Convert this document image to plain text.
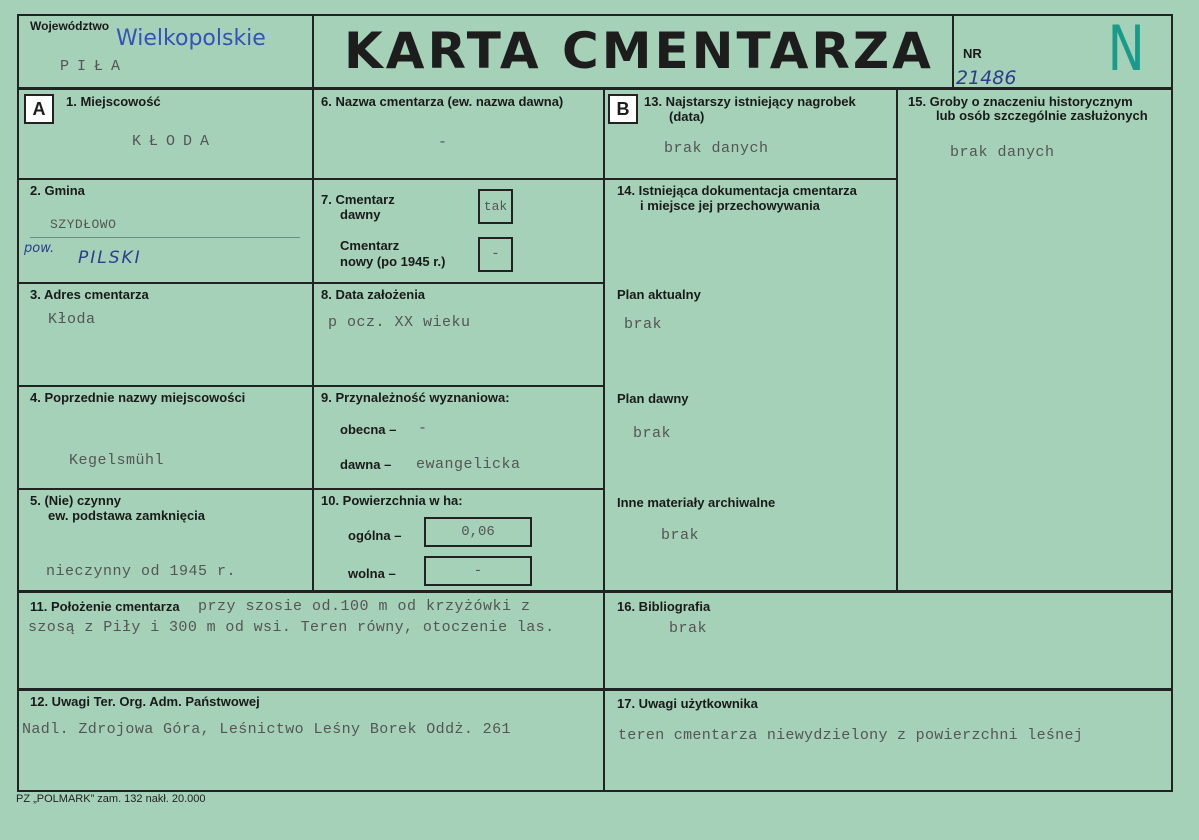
Województwo Wielkopolskie
PIŁA	KARTA CMENTARZA NR
21486 N
A	B
1. Miejscowość
KŁODA
2. Gmina
SZYDŁOWO
pow. PILSKI
3. Adres cmentarza
Kłoda
4. Poprzednie nazwy miejscowości
Kegelsmühl
5. (Nie) czynny
ew. podstawa zamknięcia
nieczynny od 1945 r.
6. Nazwa cmentarza (ew. nazwa dawna)
-
7. Cmentarz
dawny
tak
Cmentarz
nowy (po 1945 r.)	-
8. Data założenia
p ocz. XX wieku
9. Przynależność wyznaniowa:
obecna – -
dawna – ewangelicka
10. Powierzchnia w ha:
ogólna –	0,06
wolna –	-
13. Najstarszy istniejący nagrobek
(data)
brak danych
14. Istniejąca dokumentacja cmentarza
i miejsce jej przechowywania
Plan aktualny
brak
Plan dawny
brak
Inne materiały archiwalne
brak
15. Groby o znaczeniu historycznym
lub osób szczególnie zasłużonych
brak danych
11. Położenie cmentarza przy szosie od.100 m od krzyżówki z
szosą z Piły i 300 m od wsi. Teren równy, otoczenie las.
16. Bibliografia
brak
12. Uwagi Ter. Org. Adm. Państwowej
Nadl. Zdrojowa Góra, Leśnictwo Leśny Borek Oddż. 261
17. Uwagi użytkownika
teren cmentarza niewydzielony z powierzchni leśnej
PZ „POLMARK” zam. 132 nakł. 20.000
